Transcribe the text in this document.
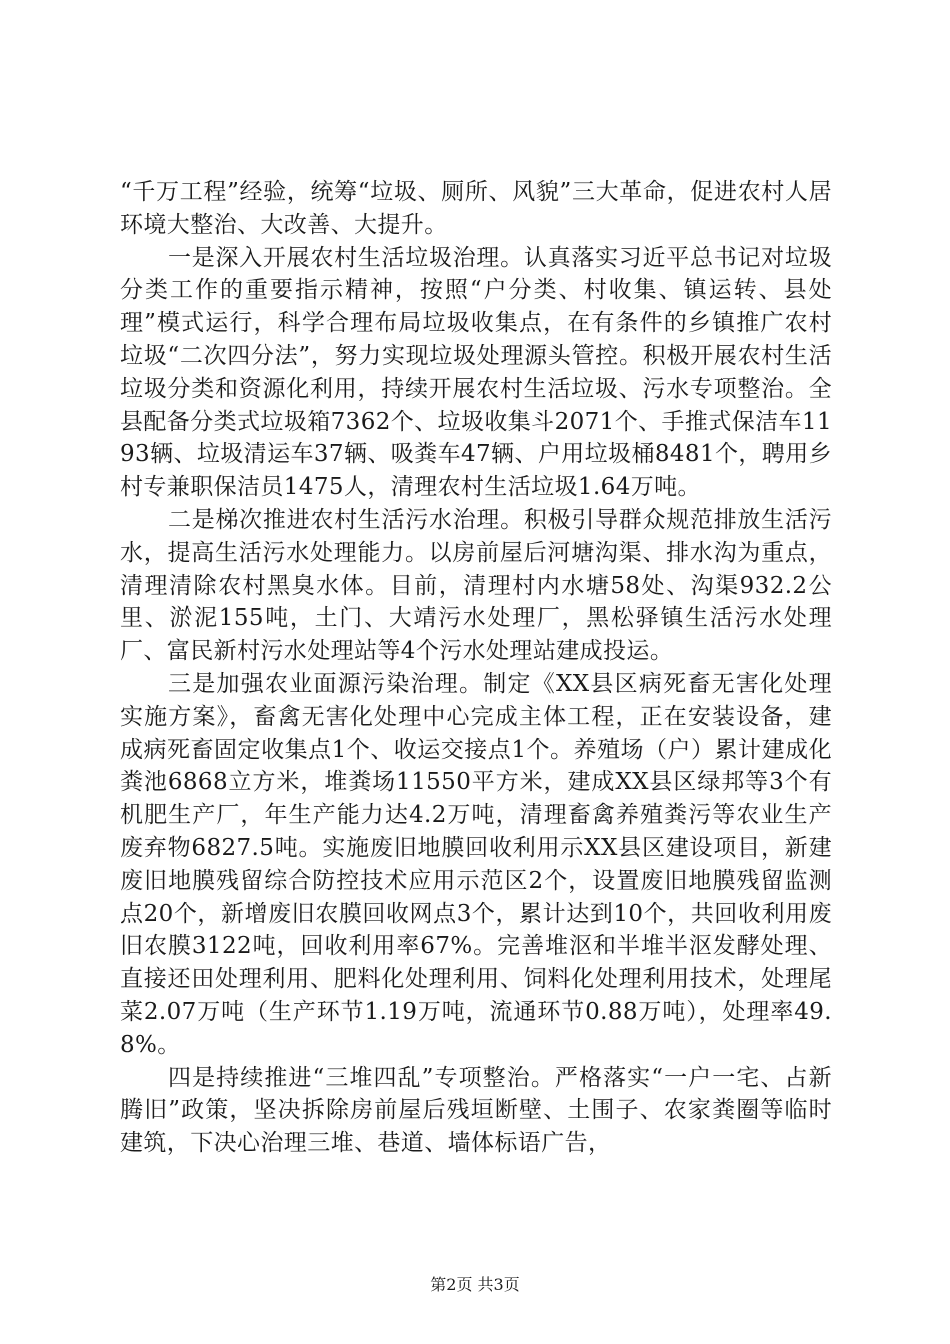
“千万工程”经验，统筹“垃圾、厕所、风貌”三大革命，促进农村人居环境大整治、大改善、大提升。

一是深入开展农村生活垃圾治理。认真落实习近平总书记对垃圾分类工作的重要指示精神，按照“户分类、村收集、镇运转、县处理”模式运行，科学合理布局垃圾收集点，在有条件的乡镇推广农村垃圾“二次四分法”，努力实现垃圾处理源头管控。积极开展农村生活垃圾分类和资源化利用，持续开展农村生活垃圾、污水专项整治。全县配备分类式垃圾箱7362个、垃圾收集斗2071个、手推式保洁车1193辆、垃圾清运车37辆、吸粪车47辆、户用垃圾桶8481个，聘用乡村专兼职保洁员1475人，清理农村生活垃圾1.64万吨。

二是梯次推进农村生活污水治理。积极引导群众规范排放生活污水，提高生活污水处理能力。以房前屋后河塘沟渠、排水沟为重点，清理清除农村黑臭水体。目前，清理村内水塘58处、沟渠932.2公里、淤泥155吨，土门、大靖污水处理厂，黑松驿镇生活污水处理厂、富民新村污水处理站等4个污水处理站建成投运。

三是加强农业面源污染治理。制定《XX县区病死畜无害化处理实施方案》，畜禽无害化处理中心完成主体工程，正在安装设备，建成病死畜固定收集点1个、收运交接点1个。养殖场（户）累计建成化粪池6868立方米，堆粪场11550平方米，建成XX县区绿邦等3个有机肥生产厂，年生产能力达4.2万吨，清理畜禽养殖粪污等农业生产废弃物6827.5吨。实施废旧地膜回收利用示XX县区建设项目，新建废旧地膜残留综合防控技术应用示范区2个，设置废旧地膜残留监测点20个，新增废旧农膜回收网点3个，累计达到10个，共回收利用废旧农膜3122吨，回收利用率67%。完善堆沤和半堆半沤发酵处理、直接还田处理利用、肥料化处理利用、饲料化处理利用技术，处理尾菜2.07万吨（生产环节1.19万吨，流通环节0.88万吨），处理率49.8%。

四是持续推进“三堆四乱”专项整治。严格落实“一户一宅、占新腾旧”政策，坚决拆除房前屋后残垣断壁、土围子、农家粪圈等临时建筑，下决心治理三堆、巷道、墙体标语广告，

第2页 共3页
